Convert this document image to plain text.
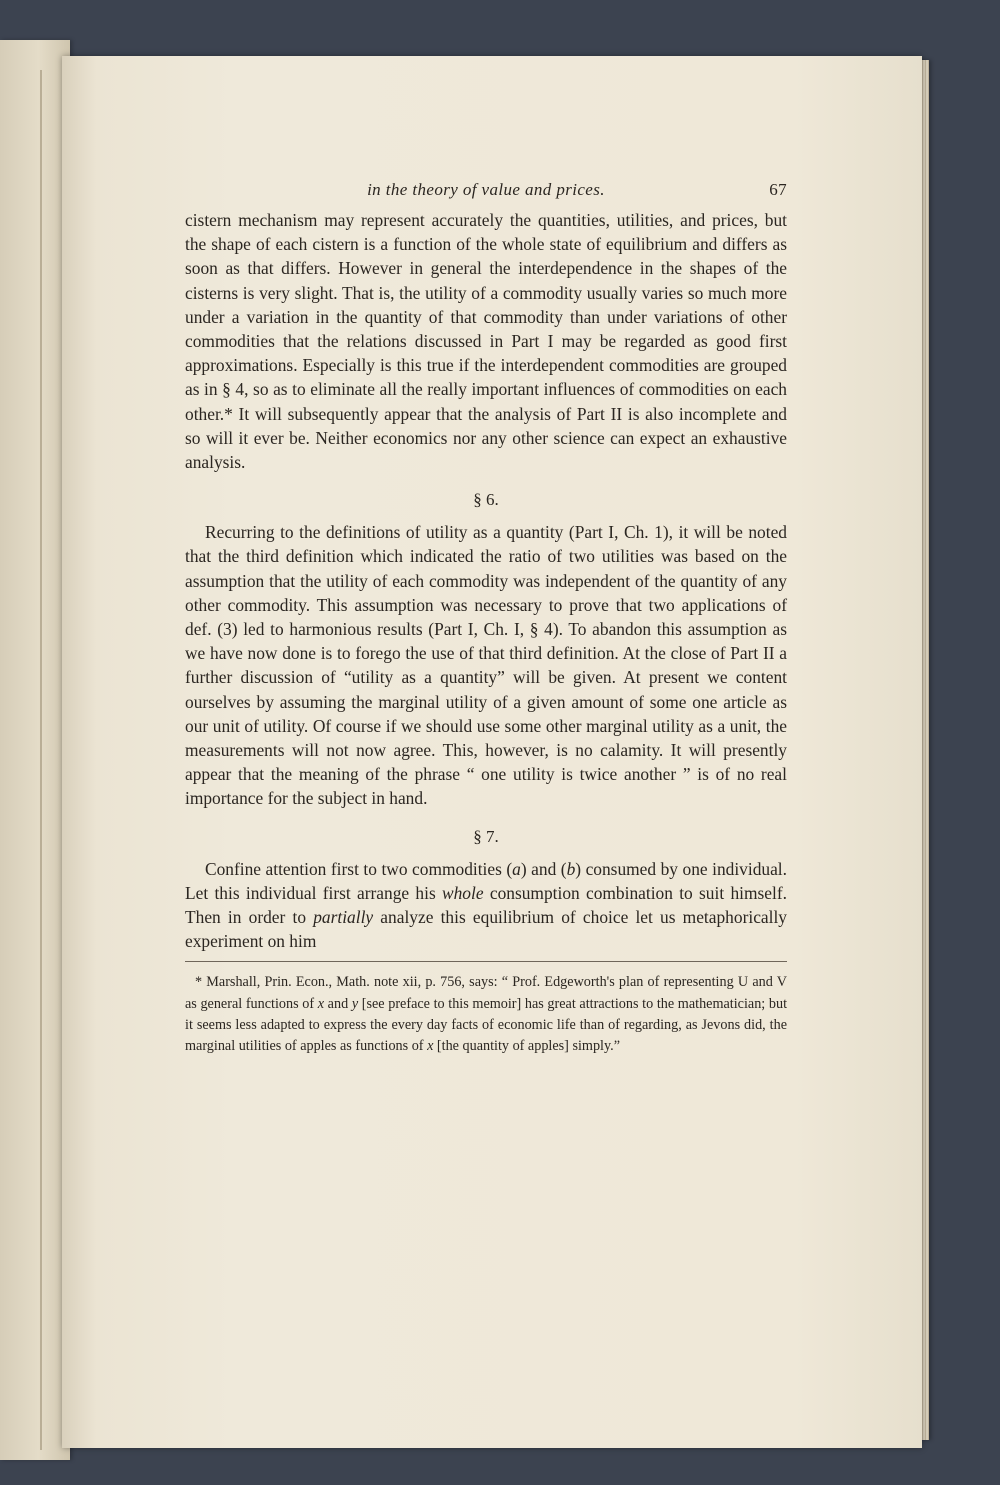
in the theory of value and prices.	67

cistern mechanism may represent accurately the quantities, utilities, and prices, but the shape of each cistern is a function of the whole state of equilibrium and differs as soon as that differs. However in general the interdependence in the shapes of the cisterns is very slight. That is, the utility of a commodity usually varies so much more under a variation in the quantity of that commodity than under variations of other commodities that the relations discussed in Part I may be regarded as good first approximations. Especially is this true if the interdependent commodities are grouped as in § 4, so as to eliminate all the really important influences of commodities on each other.* It will subsequently appear that the analysis of Part II is also incomplete and so will it ever be. Neither economics nor any other science can expect an exhaustive analysis.

§ 6.

Recurring to the definitions of utility as a quantity (Part I, Ch. 1), it will be noted that the third definition which indicated the ratio of two utilities was based on the assumption that the utility of each commodity was independent of the quantity of any other commodity. This assumption was necessary to prove that two applications of def. (3) led to harmonious results (Part I, Ch. I, § 4). To abandon this assumption as we have now done is to forego the use of that third definition. At the close of Part II a further discussion of “utility as a quantity” will be given. At present we content ourselves by assuming the marginal utility of a given amount of some one article as our unit of utility. Of course if we should use some other marginal utility as a unit, the measurements will not now agree. This, however, is no calamity. It will presently appear that the meaning of the phrase “ one utility is twice another ” is of no real importance for the subject in hand.

§ 7.

Confine attention first to two commodities (a) and (b) consumed by one individual. Let this individual first arrange his whole consumption combination to suit himself. Then in order to partially analyze this equilibrium of choice let us metaphorically experiment on him

* Marshall, Prin. Econ., Math. note xii, p. 756, says: “ Prof. Edgeworth's plan of representing U and V as general functions of x and y [see preface to this memoir] has great attractions to the mathematician; but it seems less adapted to express the every day facts of economic life than of regarding, as Jevons did, the marginal utilities of apples as functions of x [the quantity of apples] simply.”
